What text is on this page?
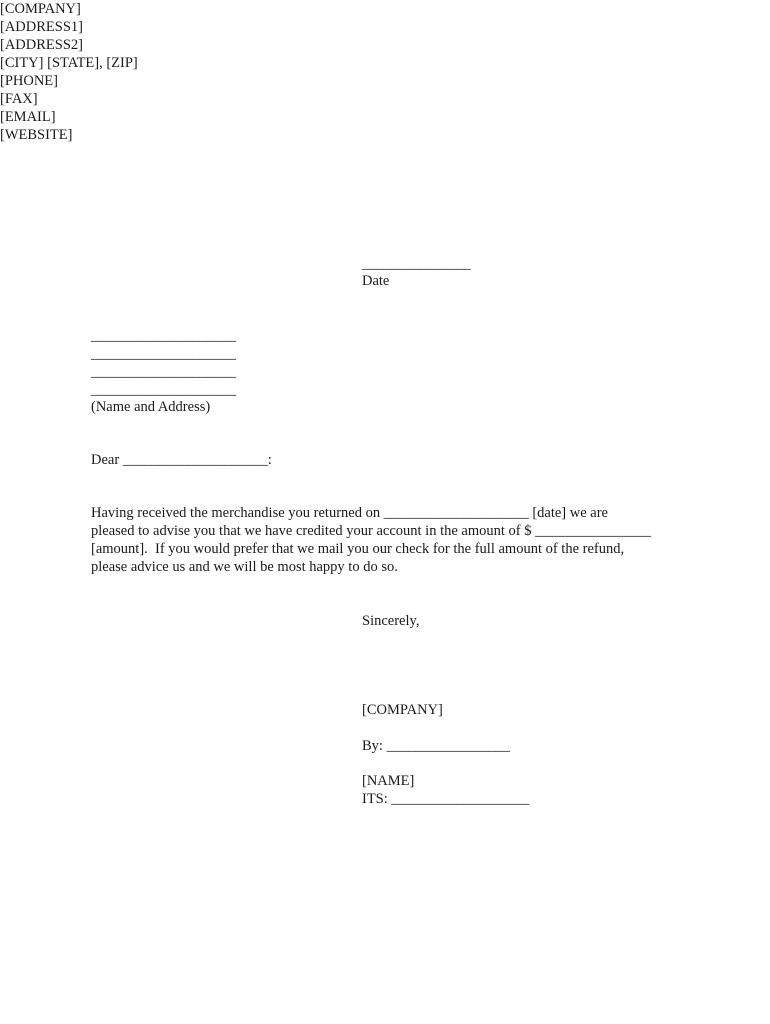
[COMPANY]
[ADDRESS1]
[ADDRESS2]
[CITY] [STATE], [ZIP]
[PHONE]
[FAX]
[EMAIL]
[WEBSITE]
_______________
Date
____________________
____________________
____________________
____________________
(Name and Address)
Dear ____________________:
Having received the merchandise you returned on ____________________ [date] we are
pleased to advise you that we have credited your account in the amount of $ ________________
[amount].  If you would prefer that we mail you our check for the full amount of the refund,
please advice us and we will be most happy to do so.
Sincerely,
[COMPANY]
By: _________________
[NAME]
ITS: ___________________
